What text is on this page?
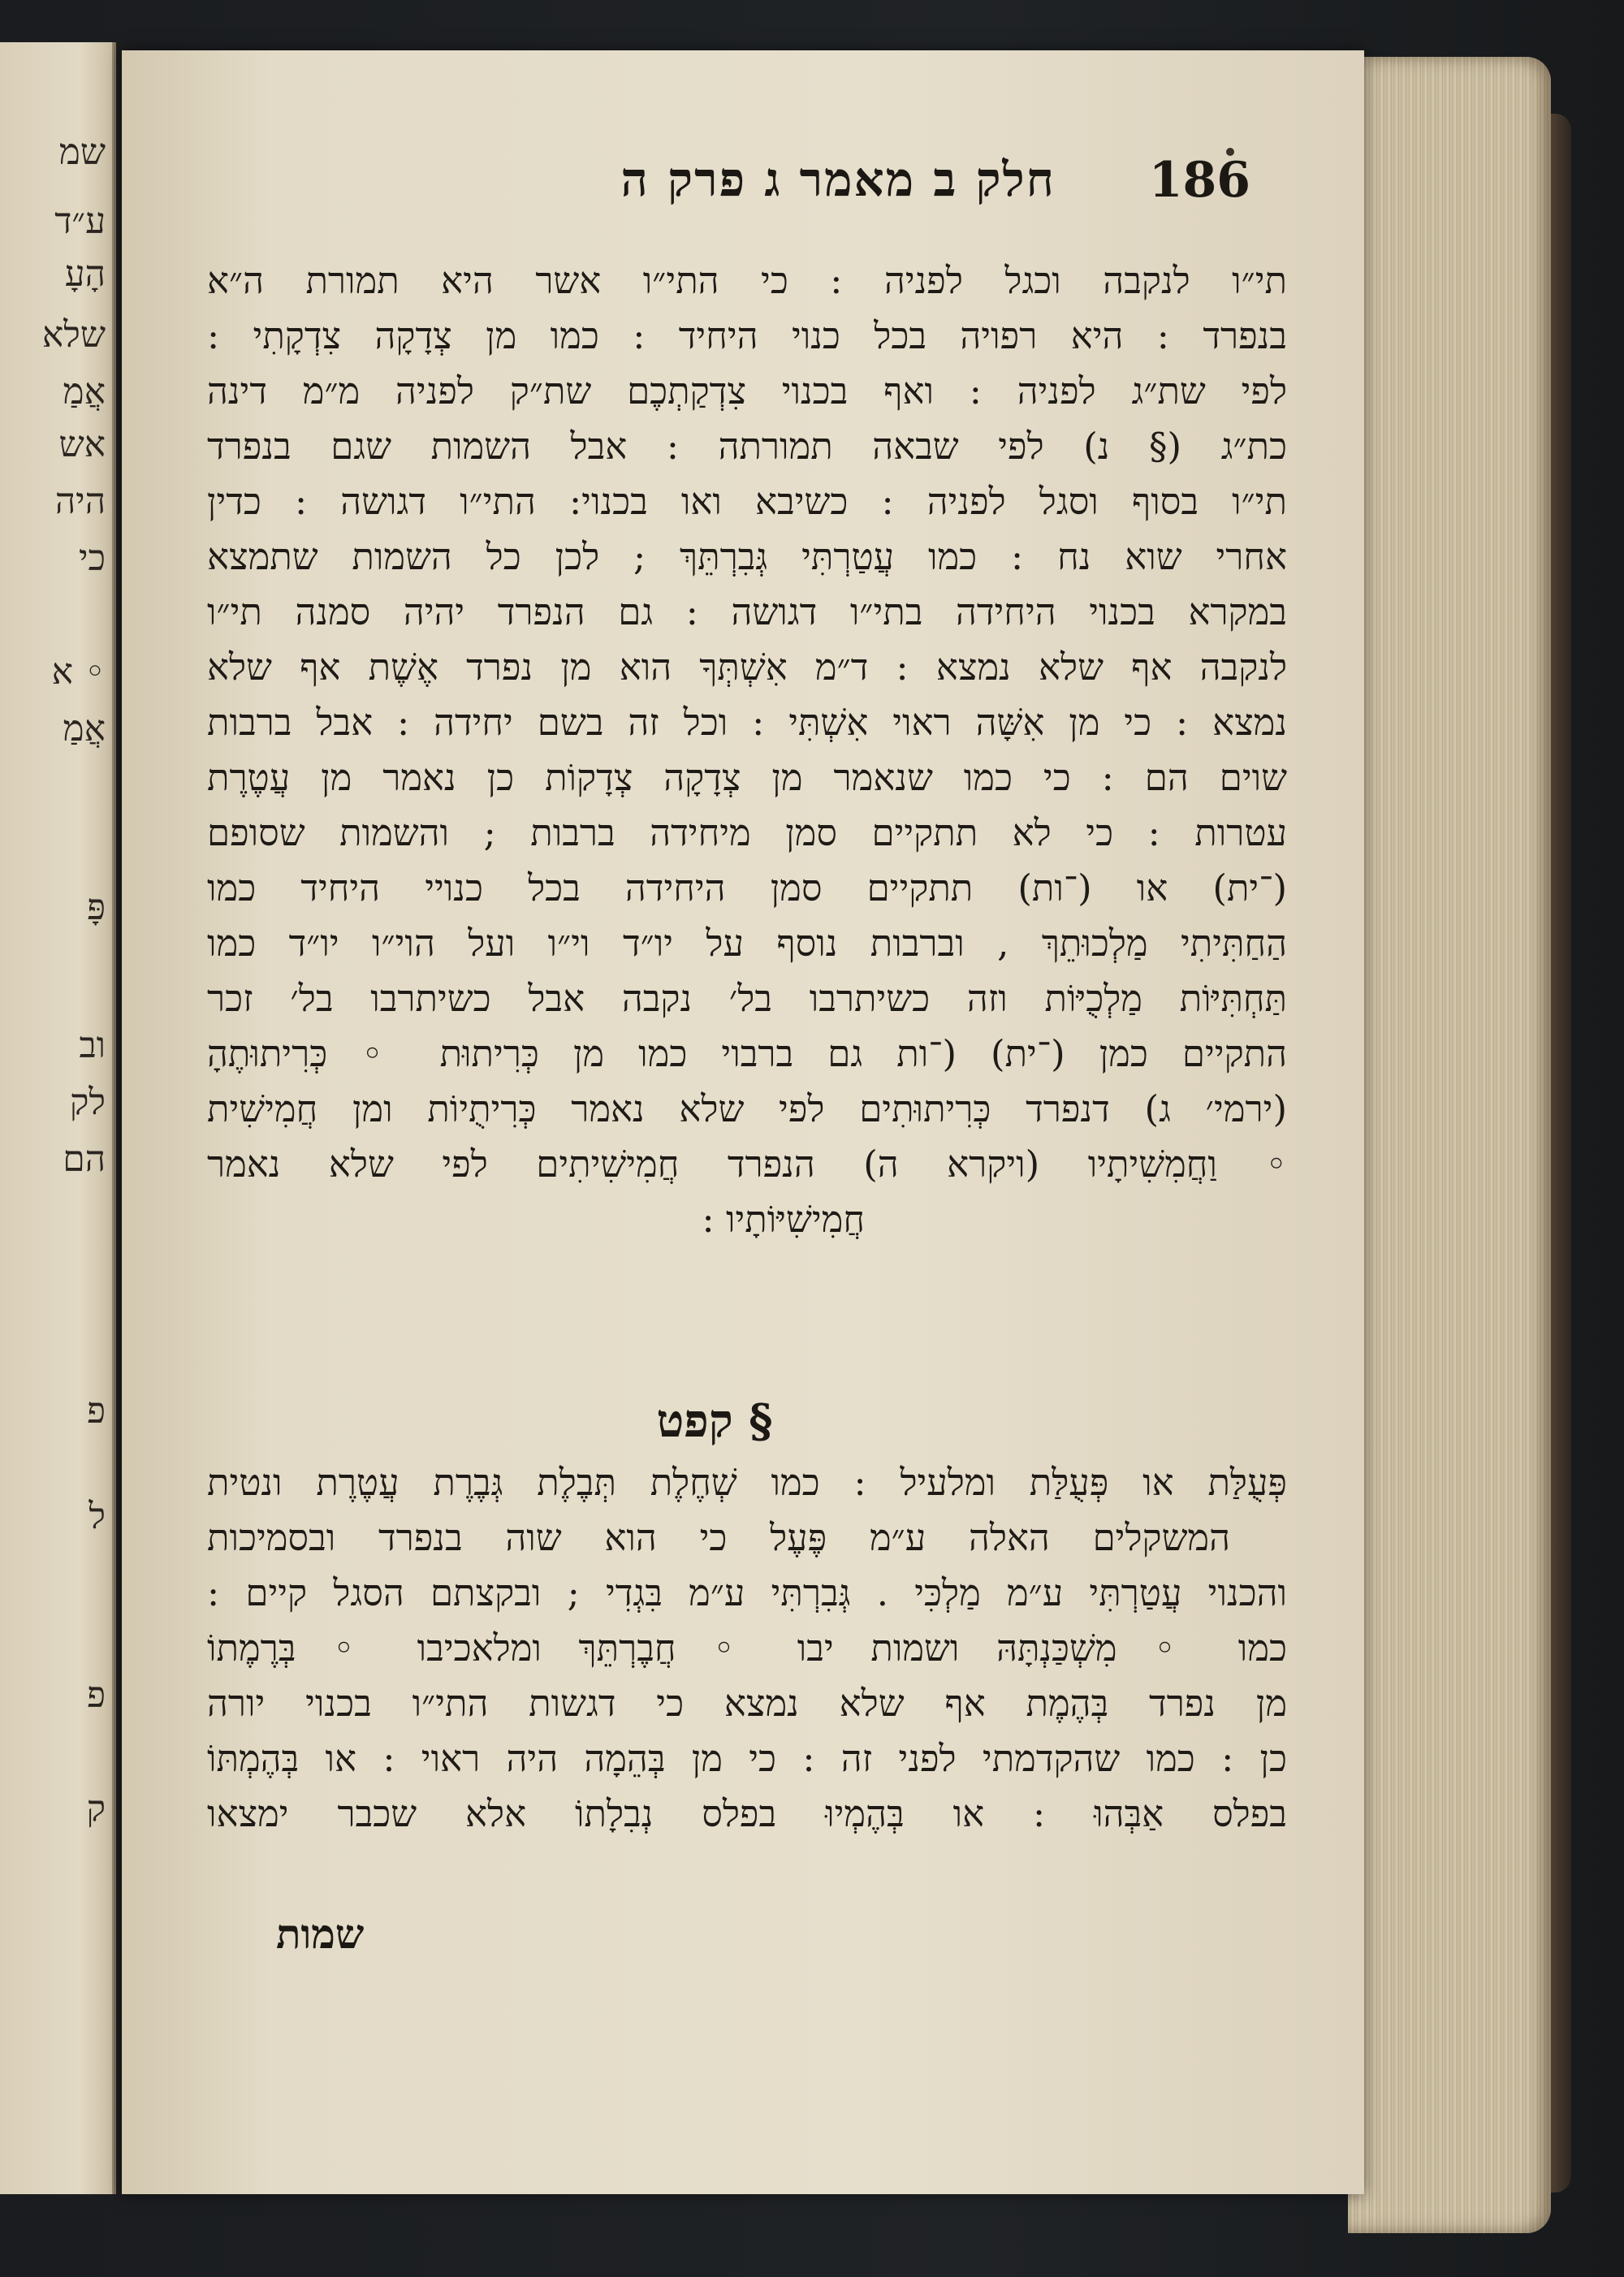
שמ
ע״ד
הָעָ
שלא
אֲמַ
אש
היה
כי
◦ א
אֲמַ
פָּ
וב
לק
הם
פ
ל
פ
ק
186
חלק ב מאמר ג פרק ה
תי״ו לנקבה וכגל לפניה : כי התי״ו אשר היא תמורת ה״א
בנפרד : היא רפויה בכל כנוי היחיד : כמו מן צְדָקָה צִדְקָתִי :
לפי שת״ג לפניה : ואף בכנוי צִדְקַתְכֶם שת״ק לפניה מ״מ דינה
כת״ג (§ נ) לפי שבאה תמורתה : אבל השמות שגם בנפרד
תי״ו בסוף וסגל לפניה : כשיבא ואו בכנוי: התי״ו דגושה : כדין
אחרי שוא נח : כמו עֲטַרְתִּי גְּבִרְתֵּךְ ; לכן כל השמות שתמצא
במקרא בכנוי היחידה בתי״ו דגושה : גם הנפרד יהיה סמנה תי״ו
לנקבה אף שלא נמצא : ד״מ אִשְׁתְּךָ הוא מן נפרד אֶשֶׁת אף שלא
נמצא : כי מן אִשָּׁה ראוי אִשְׁתִּי : וכל זה בשם יחידה : אבל ברבות
שוים הם : כי כמו שנאמר מן צְדָקָה צְדָקוֹת כן נאמר מן עֲטֶרֶת
עטרות : כי לא תתקיים סמן מיחידה ברבות ; והשמות שסופם
(־ית) או (־ות) תתקיים סמן היחידה בכל כנויי היחיד כמו
הַחַתִּיתִי מַלְכוּתֵךְ , וברבות נוסף על יו״ד וי״ו ועל הוי״ו יו״ד כמו
תַּחְתִּיּוֹת מַלְכֻיּוֹת וזה כשיתרבו בל׳ נקבה אבל כשיתרבו בל׳ זכר
התקיים כמן (־ית) (־ות גם ברבוי כמו מן כְּרִיתוּת ◦ כְּרִיתוּתֶהָ
(ירמי׳ ג) דנפרד כְּרִיתוּתִים לפי שלא נאמר כְּרִיתֻיוֹת ומן חֲמִישִׁית
◦ וַחֲמִשִׁיתָיו (ויקרא ה) הנפרד חֲמִישִׁיתִים לפי שלא נאמר
חֲמִישִׁיּוֹתָיו :
§ קפט
פְּעֻלַּת או פְּעֻלַּת ומלעיל : כמו שְׁחֶלֶת תְּבֶלֶת גְּבֶרֶת עֲטֶרֶת ונטית
המשקלים האלה ע״מ פֶּעֶל כי הוא שוה בנפרד ובסמיכות
והכנוי עֲטַרְתִּי ע״מ מַלְכִּי . גְּבִרְתִּי ע״מ בִּגְדִי ; ובקצתם הסגל קיים :
כמו ◦ מִשְׁכַּנְתָּהּ ושמות יבו ◦ חֲבֶרְתֵּךְ ומלאכיבו ◦ בְּרֶמֶתוֹ
מן נפרד בְּהֶמֶת אף שלא נמצא כי דגשות התי״ו בכנוי יורה
כן : כמו שהקדמתי לפני זה : כי מן בְּהֵמָה היה ראוי : או בְּהֶמְתּוֹ
בפלס אַבְּהוּ : או בְּהֶמְיוּ בפלס נְבִלָתוֹ אלא שכבר ימצאו
שמות
